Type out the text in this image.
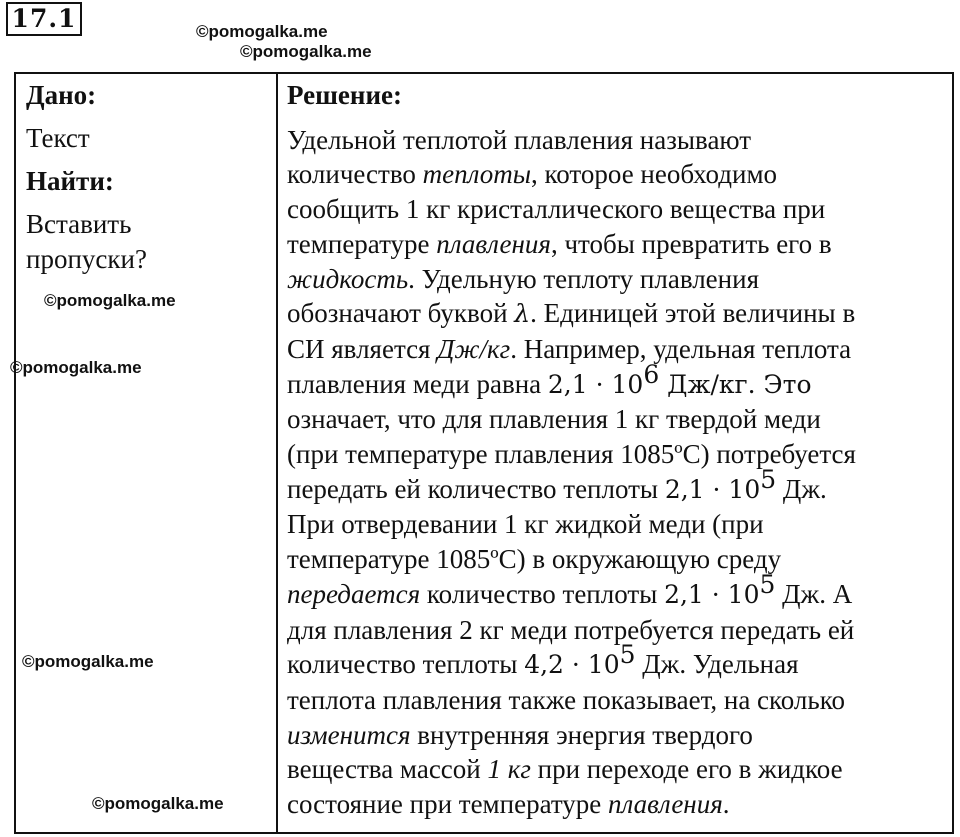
17.1	©pomogalka.me
©pomogalka.me
©pomogalka.me
©pomogalka.me
©pomogalka.me
©pomogalka.me
Дано:
Текст
Найти:
Вставить
пропуски?
Решение:
Удельной теплотой плавления называют
количество теплоты, которое необходимо
сообщить 1 кг кристаллического вещества при
температуре плавления, чтобы превратить его в
жидкость. Удельную теплоту плавления
обозначают буквой λ. Единицей этой величины в
СИ является Дж/кг. Например, удельная теплота
плавления меди равна $2,1 \cdot 10^6$ Дж/кг. Это
означает, что для плавления 1 кг твердой меди
(при температуре плавления 1085ºС) потребуется
передать ей количество теплоты $2,1 \cdot 10^5$ Дж.
При отвердевании 1 кг жидкой меди (при
температуре 1085ºС) в окружающую среду
передается количество теплоты $2,1 \cdot 10^5$ Дж. А
для плавления 2 кг меди потребуется передать ей
количество теплоты $4,2 \cdot 10^5$ Дж. Удельная
теплота плавления также показывает, на сколько
изменится внутренняя энергия твердого
вещества массой 1 кг при переходе его в жидкое
состояние при температуре плавления.
